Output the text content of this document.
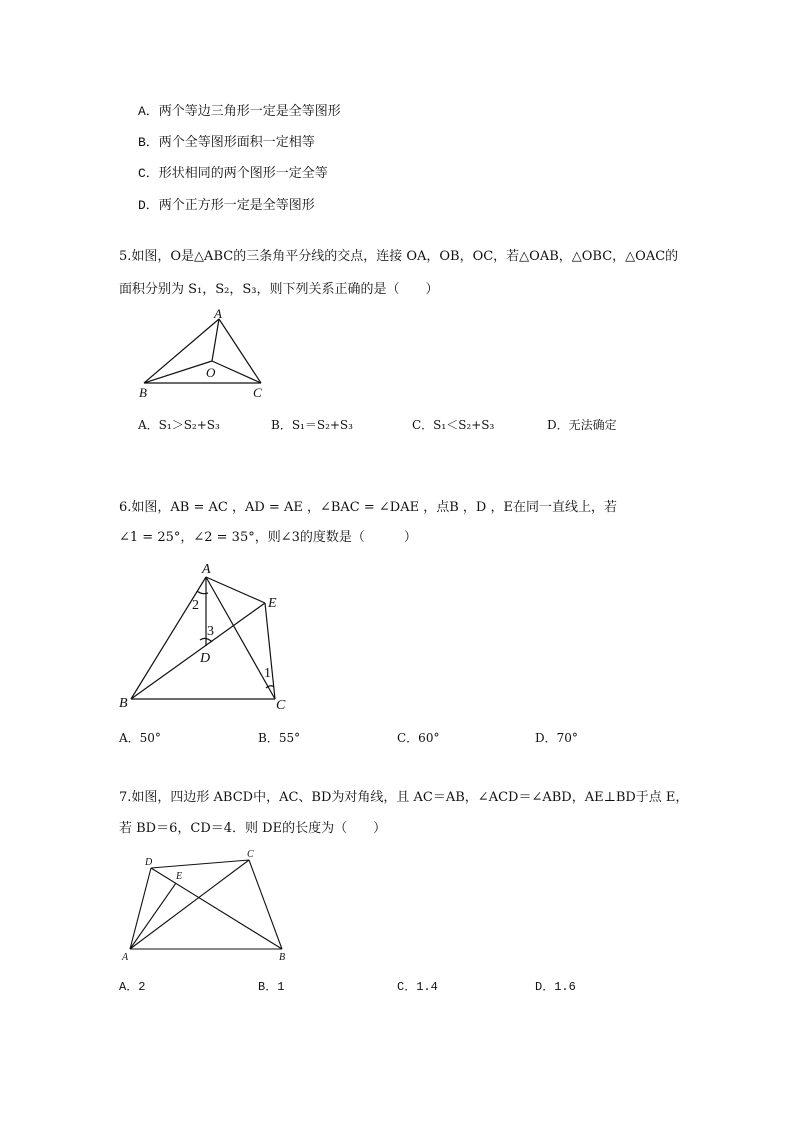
A．两个等边三角形一定是全等图形
B．两个全等图形面积一定相等
C．形状相同的两个图形一定全等
D．两个正方形一定是全等图形
5.如图，O是△ABC的三条角平分线的交点，连接 OA，OB，OC，若△OAB，△OBC，△OAC的
面积分别为 S₁，S₂，S₃，则下列关系正确的是（　　）
A
B	C
O
A．S₁＞S₂+S₃	B．S₁＝S₂+S₃	C．S₁＜S₂+S₃	D．无法确定
6.如图，AB = AC ，AD = AE ，∠BAC = ∠DAE ，点B ，D ，E在同一直线上，若
∠1 = 25°，∠2 = 35°，则∠3的度数是（　　　）
A
B	C
D
E
1
2
3
A．50°	B．55°	C．60°	D．70°
7.如图，四边形 ABCD中，AC、BD为对角线，且 AC＝AB，∠ACD＝∠ABD，AE⊥BD于点 E，
若 BD＝6，CD＝4．则 DE的长度为（　　）
A	B
C
D
E
A．2	B．1	C．1.4	D．1.6
